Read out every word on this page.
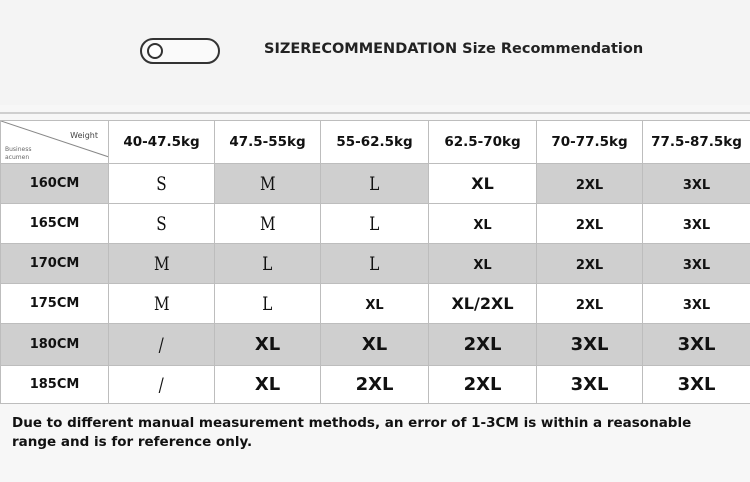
SIZERECOMMENDATION Size Recommendation
Weight
Business acumen	40-47.5kg	47.5-55kg	55-62.5kg	62.5-70kg	70-77.5kg	77.5-87.5kg
160CM	S	M	L	XL	2XL	3XL
165CM	S	M	L	XL	2XL	3XL
170CM	M	L	L	XL	2XL	3XL
175CM	M	L	XL	XL/2XL	2XL	3XL
180CM	/	XL	XL	2XL	3XL	3XL
185CM	/	XL	2XL	2XL	3XL	3XL
Due to different manual measurement methods, an error of 1-3CM is within a reasonable range and is for reference only.
